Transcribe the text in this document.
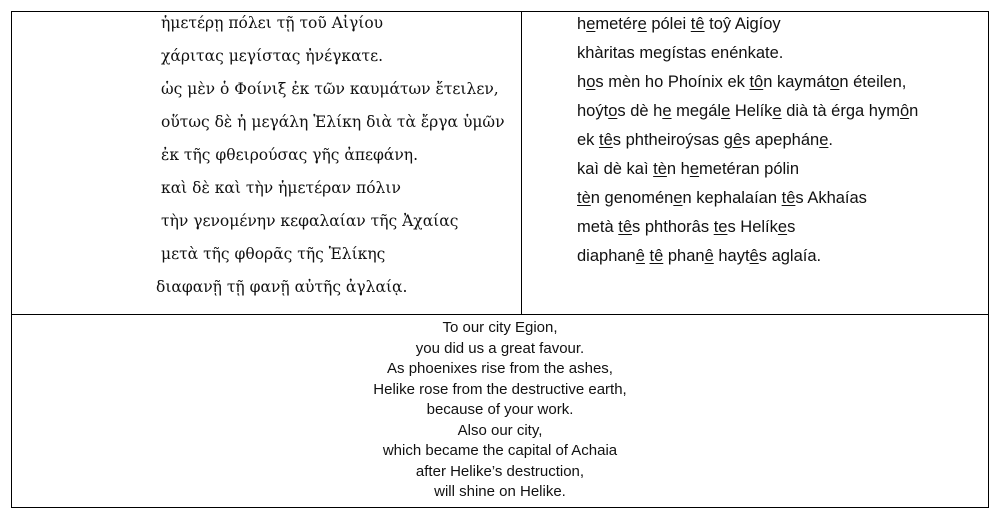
ἡμετέρῃ πόλει τῇ τοῦ Αἰγίου
χάριτας μεγίστας ἠνέγκατε.
ὡς μὲν ὁ Φοίνιξ ἐκ τῶν καυμάτων ἔτειλεν,
οὕτως δὲ ἡ μεγάλη Ἑλίκη διὰ τὰ ἔργα ὑμῶν
ἐκ τῆς φθειρούσας γῆς ἀπεφάνη.
καὶ δὲ καὶ τὴν ἡμετέραν πόλιν
τὴν γενομένην κεφαλαίαν τῆς Ἀχαίας
μετὰ τῆς φθορᾶς τῆς Ἑλίκης
διαφανῇ τῇ φανῇ αὐτῆς ἀγλαίᾳ.
hemetére pólei tê toŷ Aigíoy
khàritas megístas enénkate.
hos mèn ho Phoínix ek tôn kaymáton éteilen,
hoýtos dè he megále Helíke dià tà érga hymôn
ek tês phtheiroýsas gês apepháne.
kaì dè kaì tèn hemetéran pólin
tèn genoménen kephalaían tês Akhaías
metà tês phthorâs tes Helíkes
diaphanê tê phanê haytês aglaía.
To our city Egion,
you did us a great favour.
As phoenixes rise from the ashes,
Helike rose from the destructive earth,
because of your work.
Also our city,
which became the capital of Achaia
after Helike’s destruction,
will shine on Helike.
